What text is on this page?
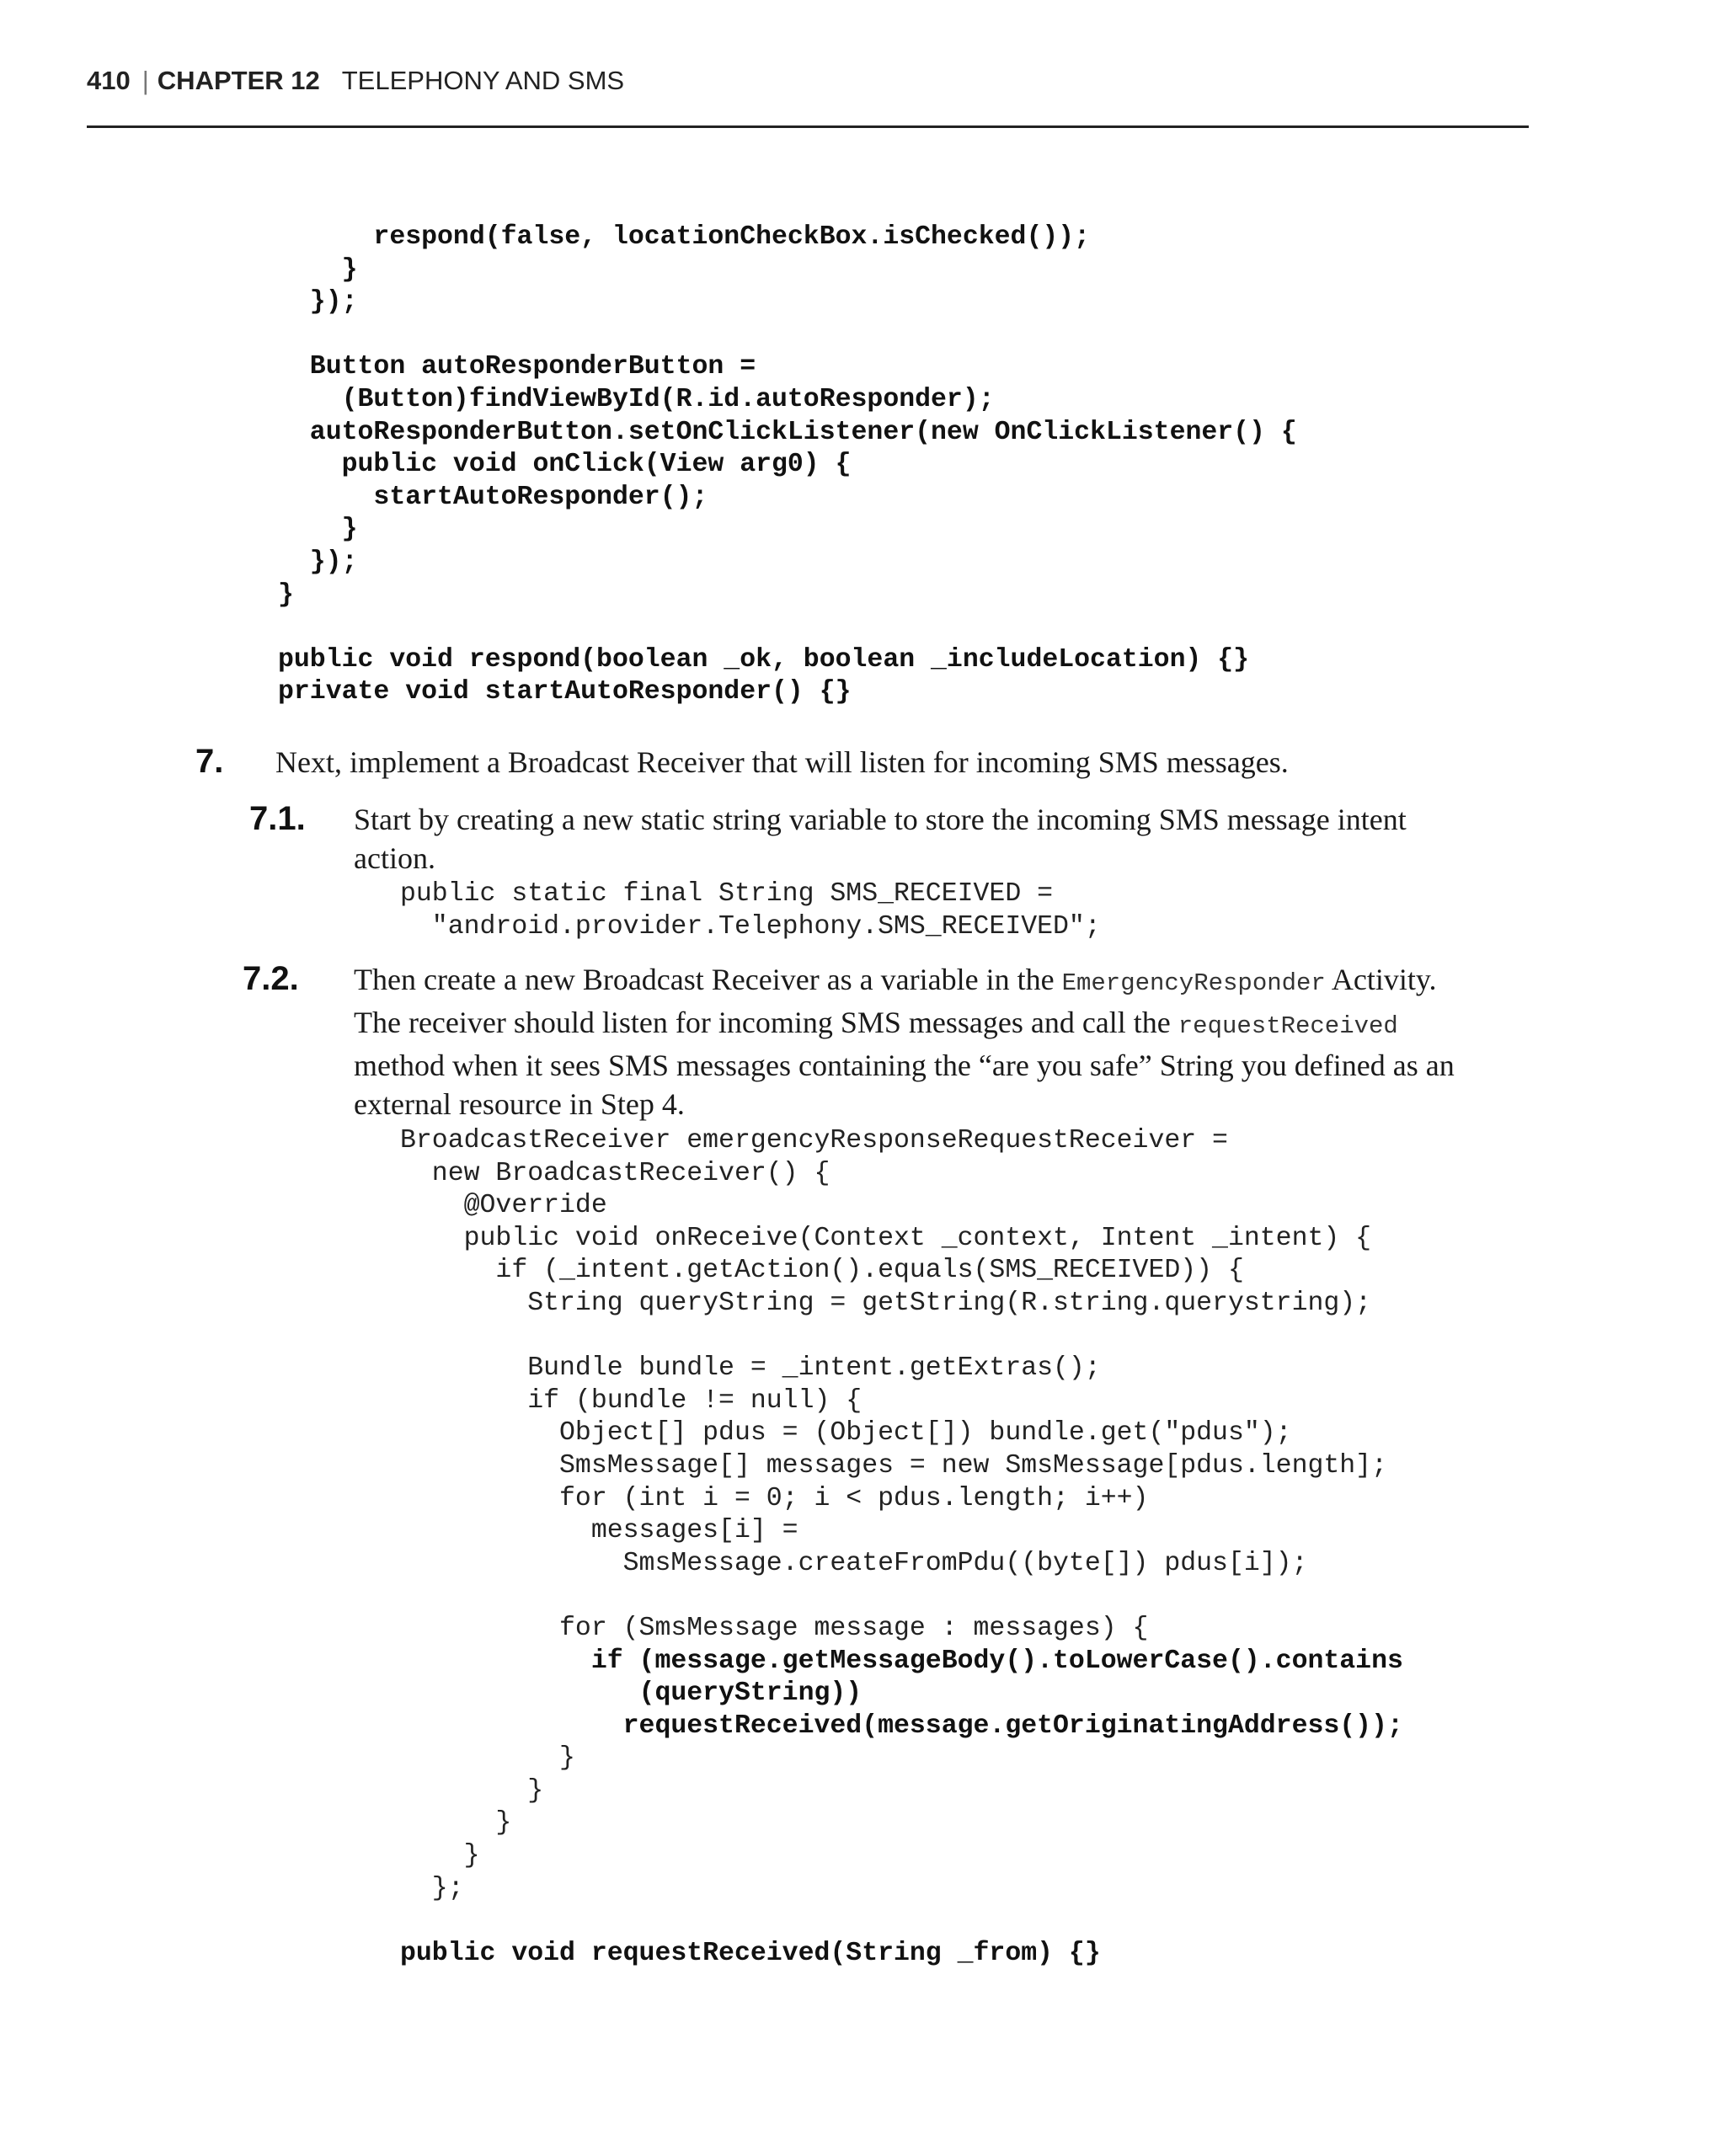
410 | CHAPTER 12 TELEPHONY AND SMS
respond(false, locationCheckBox.isChecked());
}
});

Button autoResponderButton =
(Button)findViewById(R.id.autoResponder);
autoResponderButton.setOnClickListener(new OnClickListener() {
public void onClick(View arg0) {
startAutoResponder();
}
});
}

public void respond(boolean _ok, boolean _includeLocation) {}
private void startAutoResponder() {}
7. Next, implement a Broadcast Receiver that will listen for incoming SMS messages.
7.1. Start by creating a new static string variable to store the incoming SMS message intent action.
public static final String SMS_RECEIVED =
"android.provider.Telephony.SMS_RECEIVED";
7.2. Then create a new Broadcast Receiver as a variable in the EmergencyResponder Activity. The receiver should listen for incoming SMS messages and call the requestReceived method when it sees SMS messages containing the “are you safe” String you defined as an external resource in Step 4.
BroadcastReceiver emergencyResponseRequestReceiver =
new BroadcastReceiver() {
@Override
public void onReceive(Context _context, Intent _intent) {
if (_intent.getAction().equals(SMS_RECEIVED)) {
String queryString = getString(R.string.querystring);

Bundle bundle = _intent.getExtras();
if (bundle != null) {
Object[] pdus = (Object[]) bundle.get("pdus");
SmsMessage[] messages = new SmsMessage[pdus.length];
for (int i = 0; i < pdus.length; i++)
messages[i] =
SmsMessage.createFromPdu((byte[]) pdus[i]);

for (SmsMessage message : messages) {
if (message.getMessageBody().toLowerCase().contains
(queryString))
requestReceived(message.getOriginatingAddress());
}
}
}
}
};

public void requestReceived(String _from) {}
